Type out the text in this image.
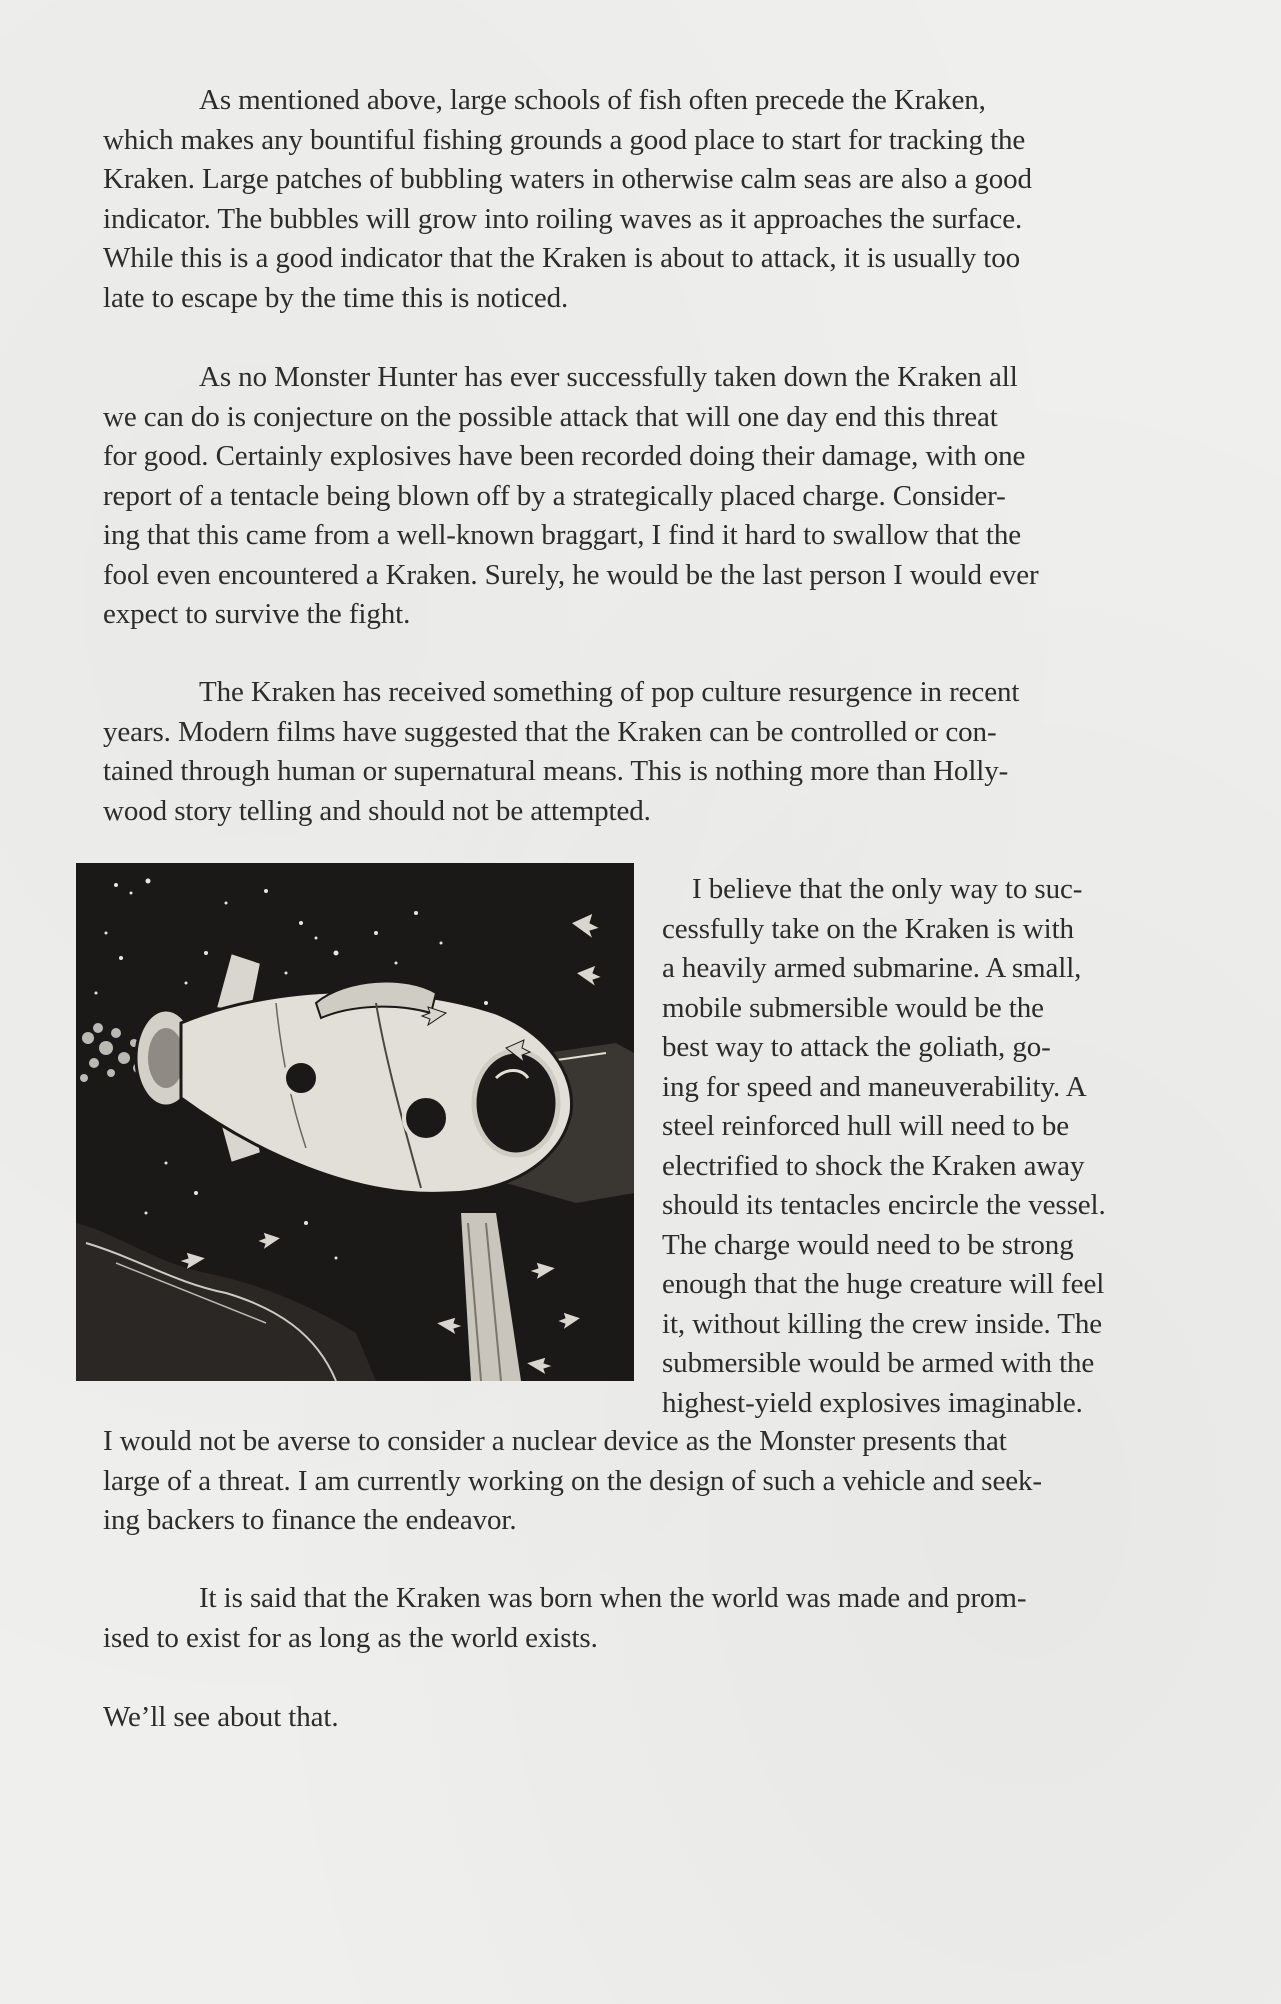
As mentioned above, large schools of fish often precede the Kraken,
which makes any bountiful fishing grounds a good place to start for tracking the
Kraken. Large patches of bubbling waters in otherwise calm seas are also a good
indicator. The bubbles will grow into roiling waves as it approaches the surface.
While this is a good indicator that the Kraken is about to attack, it is usually too
late to escape by the time this is noticed.
As no Monster Hunter has ever successfully taken down the Kraken all
we can do is conjecture on the possible attack that will one day end this threat
for good. Certainly explosives have been recorded doing their damage, with one
report of a tentacle being blown off by a strategically placed charge. Consider-
ing that this came from a well-known braggart, I find it hard to swallow that the
fool even encountered a Kraken. Surely, he would be the last person I would ever
expect to survive the fight.
The Kraken has received something of pop culture resurgence in recent
years. Modern films have suggested that the Kraken can be controlled or con-
tained through human or supernatural means. This is nothing more than Holly-
wood story telling and should not be attempted.
I believe that the only way to suc-
cessfully take on the Kraken is with
a heavily armed submarine. A small,
mobile submersible would be the
best way to attack the goliath, go-
ing for speed and maneuverability. A
steel reinforced hull will need to be
electrified to shock the Kraken away
should its tentacles encircle the vessel.
The charge would need to be strong
enough that the huge creature will feel
it, without killing the crew inside. The
submersible would be armed with the
highest-yield explosives imaginable.
I would not be averse to consider a nuclear device as the Monster presents that
large of a threat. I am currently working on the design of such a vehicle and seek-
ing backers to finance the endeavor.
It is said that the Kraken was born when the world was made and prom-
ised to exist for as long as the world exists.
We’ll see about that.
